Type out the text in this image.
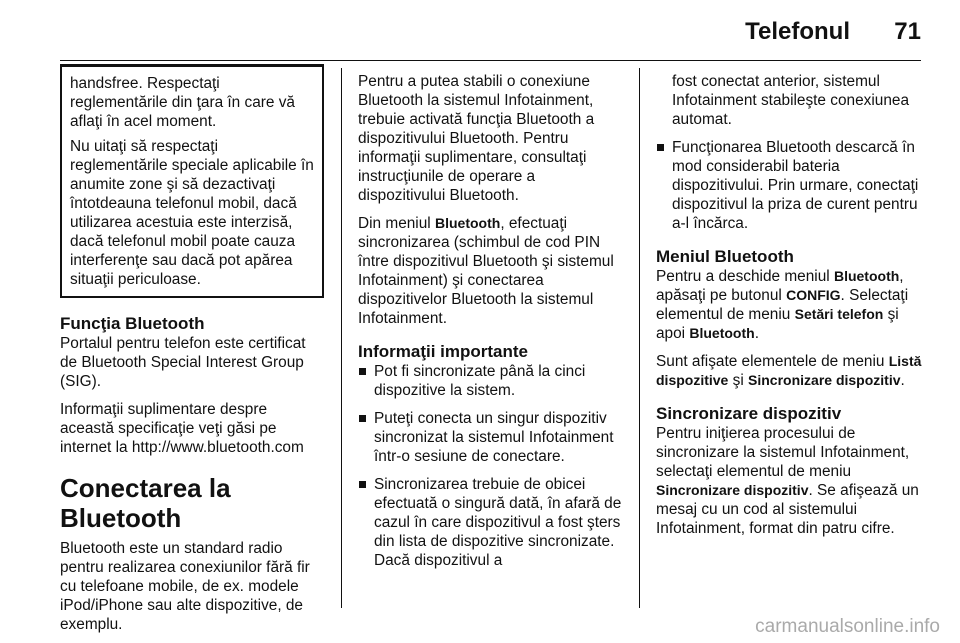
Telefonul	71

handsfree. Respectaţi reglementările din ţara în care vă aflaţi în acel moment.

Nu uitaţi să respectaţi reglementările speciale aplicabile în anumite zone şi să dezactivaţi întotdeauna telefonul mobil, dacă utilizarea acestuia este interzisă, dacă telefonul mobil poate cauza interferenţe sau dacă pot apărea situaţii periculoase.

Funcţia Bluetooth

Portalul pentru telefon este certificat de Bluetooth Special Interest Group (SIG).

Informaţii suplimentare despre această specificaţie veţi găsi pe internet la http://www.bluetooth.com

Conectarea la Bluetooth

Bluetooth este un standard radio pentru realizarea conexiunilor fără fir cu telefoane mobile, de ex. modele iPod/iPhone sau alte dispozitive, de exemplu.

Pentru a putea stabili o conexiune Bluetooth la sistemul Infotainment, trebuie activată funcţia Bluetooth a dispozitivului Bluetooth. Pentru informaţii suplimentare, consultaţi instrucţiunile de operare a dispozitivului Bluetooth.

Din meniul Bluetooth, efectuaţi sincronizarea (schimbul de cod PIN între dispozitivul Bluetooth şi sistemul Infotainment) şi conectarea dispozitivelor Bluetooth la sistemul Infotainment.

Informaţii importante
Pot fi sincronizate până la cinci dispozitive la sistem.
Puteţi conecta un singur dispozitiv sincronizat la sistemul Infotainment într-o sesiune de conectare.
Sincronizarea trebuie de obicei efectuată o singură dată, în afară de cazul în care dispozitivul a fost şters din lista de dispozitive sincronizate. Dacă dispozitivul a

fost conectat anterior, sistemul Infotainment stabileşte conexiunea automat.

Funcţionarea Bluetooth descarcă în mod considerabil bateria dispozitivului. Prin urmare, conectaţi dispozitivul la priza de curent pentru a-l încărca.
Meniul Bluetooth

Pentru a deschide meniul Bluetooth, apăsaţi pe butonul CONFIG. Selectaţi elementul de meniu Setări telefon şi apoi Bluetooth.

Sunt afişate elementele de meniu Listă dispozitive şi Sincronizare dispozitiv.

Sincronizare dispozitiv

Pentru iniţierea procesului de sincronizare la sistemul Infotainment, selectaţi elementul de meniu Sincronizare dispozitiv. Se afişează un mesaj cu un cod al sistemului Infotainment, format din patru cifre.

carmanualsonline.info
